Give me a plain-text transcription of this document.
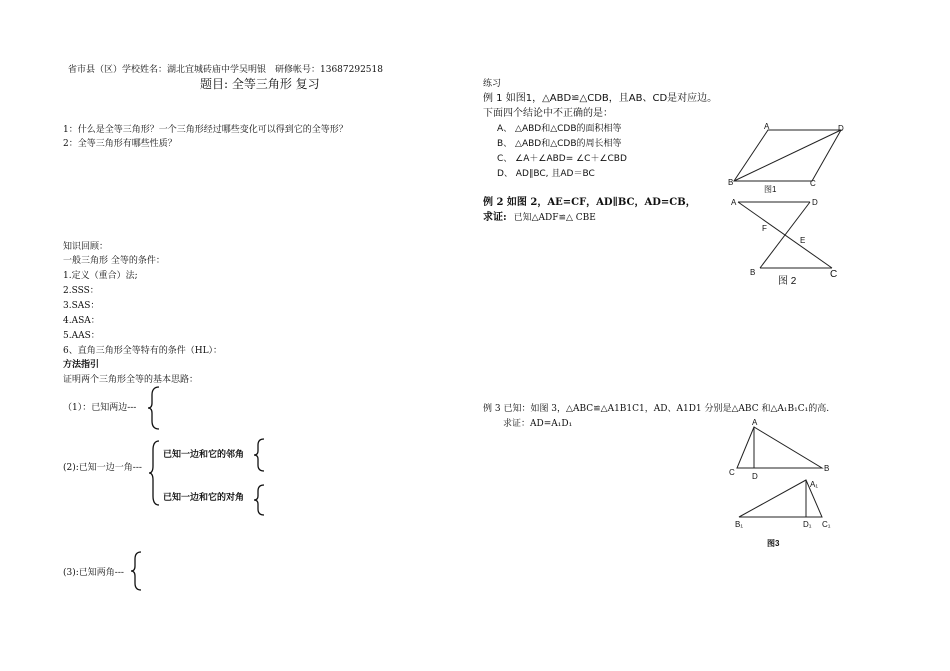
省市县（区）学校姓名：湖北宜城砖庙中学吴明银　研修帐号：13687292518
题目: 全等三角形 复习
1：什么是全等三角形？一个三角形经过哪些变化可以得到它的全等形？
2：全等三角形有哪些性质？
知识回顾：
一般三角形 全等的条件：
1.定义（重合）法;
2.SSS：
3.SAS：
4.ASA：
5.AAS：
6、直角三角形全等特有的条件（HL）：
方法指引
证明两个三角形全等的基本思路：
（1）：已知两边---
(2):已知一边一角---
已知一边和它的邻角
已知一边和它的对角
(3):已知两角---
练习
例 1 如图1，△ABD≌△CDB，且AB、CD是对应边。
下面四个结论中不正确的是：
A、 △ABD和△CDB的面积相等
B、 △ABD和△CDB的周长相等
C、 ∠A＋∠ABD= ∠C＋∠CBD
D、 AD∥BC, 且AD＝BC
例 2 如图 2，AE=CF，AD∥BC，AD=CB，
求证: 已知△ADF≌△ CBE
例 3 已知：如图 3，△ABC≌△A1B1C1，AD、A1D1 分别是△ABC 和△A₁B₁C₁的高.
求证：AD=A₁D₁
A	D
B	C
图1
A	D
F
E
B	C
图 2
A
C D
B
A₁
B₁	D₁ C₁
图3
